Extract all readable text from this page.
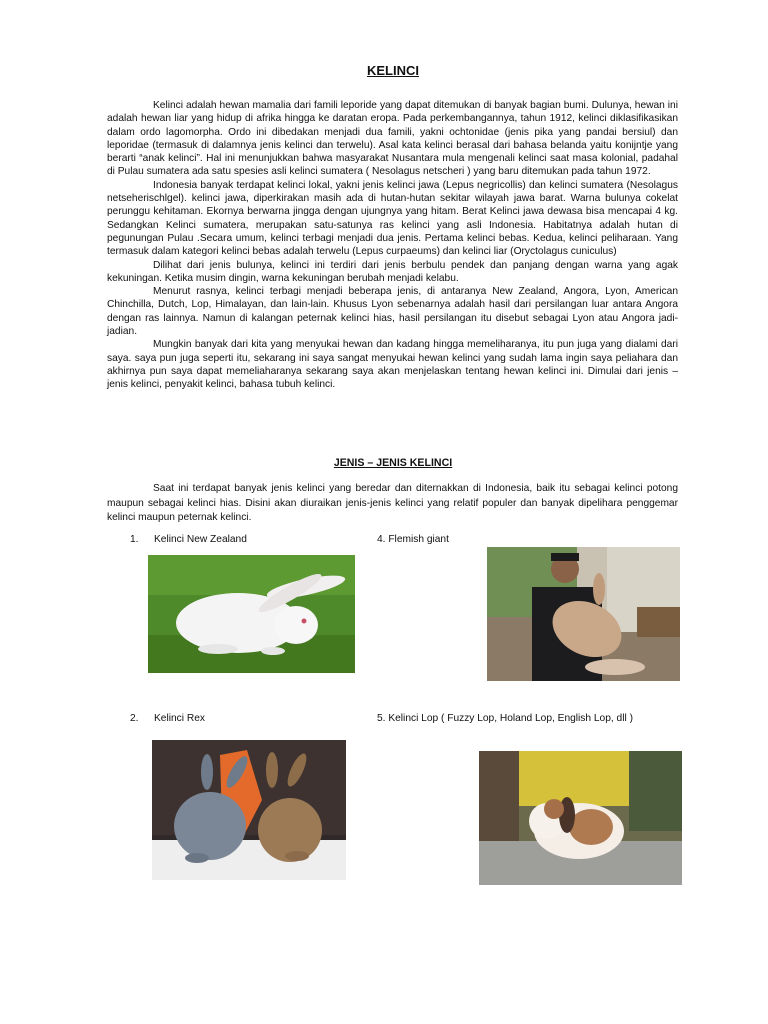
KELINCI

Kelinci adalah hewan mamalia dari famili leporide yang dapat ditemukan di banyak bagian bumi. Dulunya, hewan ini adalah hewan liar yang hidup di afrika hingga ke daratan eropa. Pada perkembangannya, tahun 1912, kelinci diklasifikasikan dalam ordo lagomorpha. Ordo ini dibedakan menjadi dua famili, yakni ochtonidae (jenis pika yang pandai bersiul) dan leporidae (termasuk di dalamnya jenis kelinci dan terwelu). Asal kata kelinci berasal dari bahasa belanda yaitu konijntje yang berarti “anak kelinci”. Hal ini menunjukkan bahwa masyarakat Nusantara mula mengenali kelinci saat masa kolonial, padahal di Pulau sumatera ada satu spesies asli kelinci sumatera ( Nesolagus netscheri ) yang baru ditemukan pada tahun 1972.

Indonesia banyak terdapat kelinci lokal, yakni jenis kelinci jawa (Lepus negricollis) dan kelinci sumatera (Nesolagus netseherischlgel). kelinci jawa, diperkirakan masih ada di hutan-hutan sekitar wilayah jawa barat. Warna bulunya cokelat perunggu kehitaman. Ekornya berwarna jingga dengan ujungnya yang hitam. Berat Kelinci jawa dewasa bisa mencapai 4 kg. Sedangkan Kelinci sumatera, merupakan satu-satunya ras kelinci yang asli Indonesia. Habitatnya adalah hutan di pegunungan Pulau .Secara umum, kelinci terbagi menjadi dua jenis. Pertama kelinci bebas. Kedua, kelinci peliharaan. Yang termasuk dalam kategori kelinci bebas adalah terwelu (Lepus curpaeums) dan kelinci liar (Oryctolagus cuniculus)

Dilihat dari jenis bulunya, kelinci ini terdiri dari jenis berbulu pendek dan panjang dengan warna yang agak kekuningan. Ketika musim dingin, warna kekuningan berubah menjadi kelabu.

Menurut rasnya, kelinci terbagi menjadi beberapa jenis, di antaranya New Zealand, Angora, Lyon, American Chinchilla, Dutch, Lop, Himalayan, dan lain-lain. Khusus Lyon sebenarnya adalah hasil dari persilangan luar antara Angora dengan ras lainnya. Namun di kalangan peternak kelinci hias, hasil persilangan itu disebut sebagai Lyon atau Angora jadi-jadian.

Mungkin banyak dari kita yang menyukai hewan dan kadang hingga memeliharanya, itu pun juga yang dialami dari saya. saya pun juga seperti itu, sekarang ini saya sangat menyukai hewan kelinci yang sudah lama ingin saya peliahara dan akhirnya pun saya dapat memeliaharanya sekarang saya akan menjelaskan tentang hewan kelinci ini. Dimulai dari jenis – jenis kelinci, penyakit kelinci, bahasa tubuh kelinci.

JENIS – JENIS KELINCI

Saat ini terdapat banyak jenis kelinci yang beredar dan diternakkan di Indonesia, baik itu sebagai kelinci potong maupun sebagai kelinci hias. Disini akan diuraikan jenis-jenis kelinci yang relatif populer dan banyak dipelihara penggemar kelinci maupun peternak kelinci.

1. Kelinci New Zealand	4. Flemish giant
2. Kelinci Rex	5. Kelinci Lop ( Fuzzy Lop, Holand Lop, English Lop, dll )
